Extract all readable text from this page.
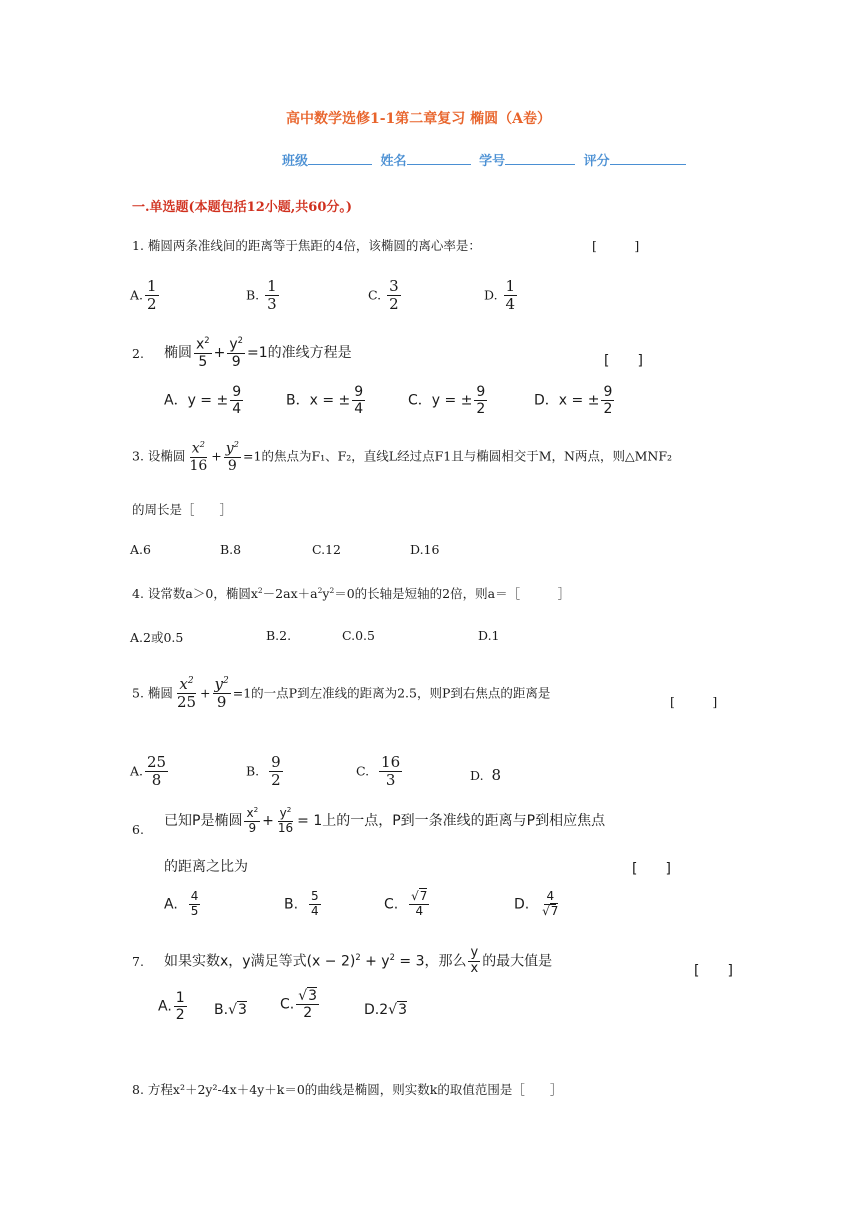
高中数学选修1-1第二章复习 椭圆（A卷）
班级	姓名	学号	评分
一.单选题(本题包括12小题,共60分。)
1. 椭圆两条准线间的距离等于焦距的4倍，该椭圆的离心率是：	[　　　]
A. $\frac{1}{2}$	B. $\frac{1}{3}$	C. $\frac{3}{2}$	D. $\frac{1}{4}$
2. 椭圆 $\frac{x^2}{5} + \frac{y^2}{9} =1$的准线方程是
[　　]
A．y = ± $\frac{9}{4}$	B．x = ± $\frac{9}{4}$	C．y = ± $\frac{9}{2}$	D．x = ± $\frac{9}{2}$
3. 设椭圆 $\frac{x^2}{16} + \frac{y^2}{9} =1$的焦点为F₁、F₂，直线L经过点F1且与椭圆相交于M，N两点，则△MNF₂
的周长是［　　］
A.6	B.8	C.12	D.16
4. 设常数a＞0，椭圆$x^2-2ax+a^2y^2=0$的长轴是短轴的2倍，则a＝［　　　］
A.2或0.5	B.2.	C.0.5	D.1
5. 椭圆 $\frac{x^2}{25} + \frac{y^2}{9} =1$的一点P到左准线的距离为2.5，则P到右焦点的距离是
[　　　]
A. $\frac{25}{8}$	B. $\frac{9}{2}$	C. $\frac{16}{3}$	D. 8
6.
已知P是椭圆 $\frac{x^2}{9} + \frac{y^2}{16} = 1$上的一点，P到一条准线的距离与P到相应焦点
的距离之比为	[　　]
A. $\frac{4}{5}$	B. $\frac{5}{4}$	C. $\frac{√7}{4}$	D. $\frac{4}{√7}$
7. 如果实数x，y满足等式$(x - 2)^2 + y^2 = 3$，那么 $\frac{y}{x}$ 的最大值是
[　　]
A. $\frac{1}{2} B.√3$ C. $\frac{√3}{2}$	D.2√3
8. 方程x²＋2y²-4x＋4y＋k＝0的曲线是椭圆，则实数k的取值范围是［　　］
